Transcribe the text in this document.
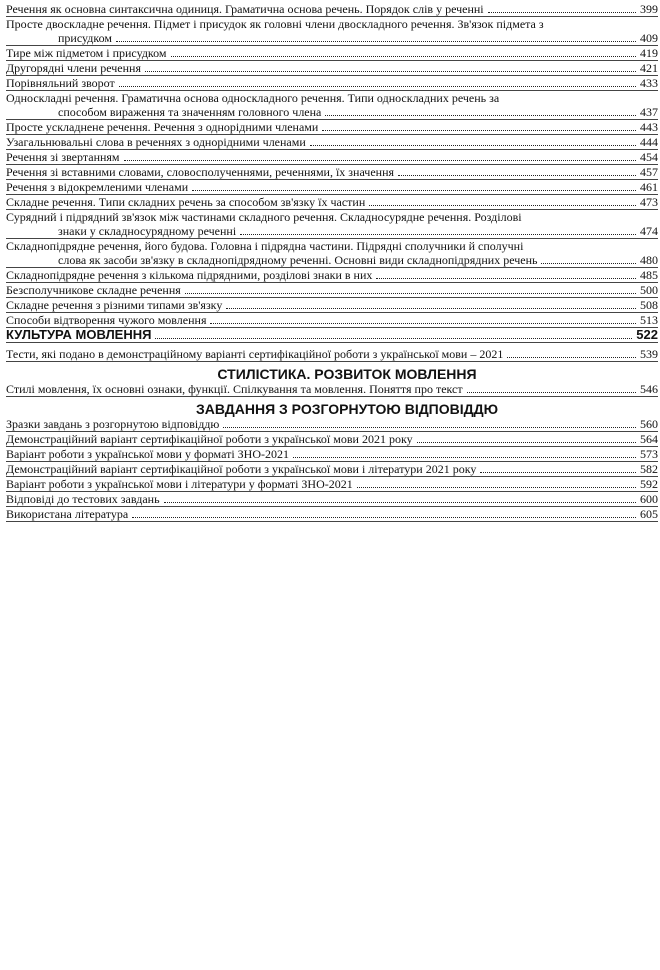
Речення як основна синтаксична одиниця. Граматична основа речень. Порядок слів у реченні	399
Просте двоскладне речення. Підмет і присудок як головні члени двоскладного речення. Зв'язок підмета з
присудком	409
Тире між підметом і присудком	419
Другорядні члени речення	421
Порівняльний зворот	433
Односкладні речення. Граматична основа односкладного речення. Типи односкладних речень за
способом вираження та значенням головного члена	437
Просте ускладнене речення. Речення з однорідними членами	443
Узагальнювальні слова в реченнях з однорідними членами	444
Речення зі звертанням	454
Речення зі вставними словами, словосполученнями, реченнями, їх значення	457
Речення з відокремленими членами	461
Складне речення. Типи складних речень за способом зв'язку їх частин	473
Сурядний і підрядний зв'язок між частинами складного речення. Складносурядне речення. Розділові
знаки у складносурядному реченні	474
Складнопідрядне речення, його будова. Головна і підрядна частини. Підрядні сполучники й сполучні
слова як засоби зв'язку в складнопідрядному реченні. Основні види складнопідрядних речень	480
Складнопідрядне речення з кількома підрядними, розділові знаки в них	485
Безсполучникове складне речення	500
Складне речення з різними типами зв'язку	508
Способи відтворення чужого мовлення	513
КУЛЬТУРА МОВЛЕННЯ	522
Тести, які подано в демонстраційному варіанті сертифікаційної роботи з української мови – 2021	539
СТИЛІСТИКА. РОЗВИТОК МОВЛЕННЯ
Стилі мовлення, їх основні ознаки, функції. Спілкування та мовлення. Поняття про текст	546
ЗАВДАННЯ З РОЗГОРНУТОЮ ВІДПОВІДДЮ
Зразки завдань з розгорнутою відповіддю	560
Демонстраційний варіант сертифікаційної роботи з української мови 2021 року	564
Варіант роботи з української мови у форматі ЗНО-2021	573
Демонстраційний варіант сертифікаційної роботи з української мови і літератури 2021 року	582
Варіант роботи з української мови і літератури у форматі ЗНО-2021	592
Відповіді до тестових завдань	600
Використана література	605
